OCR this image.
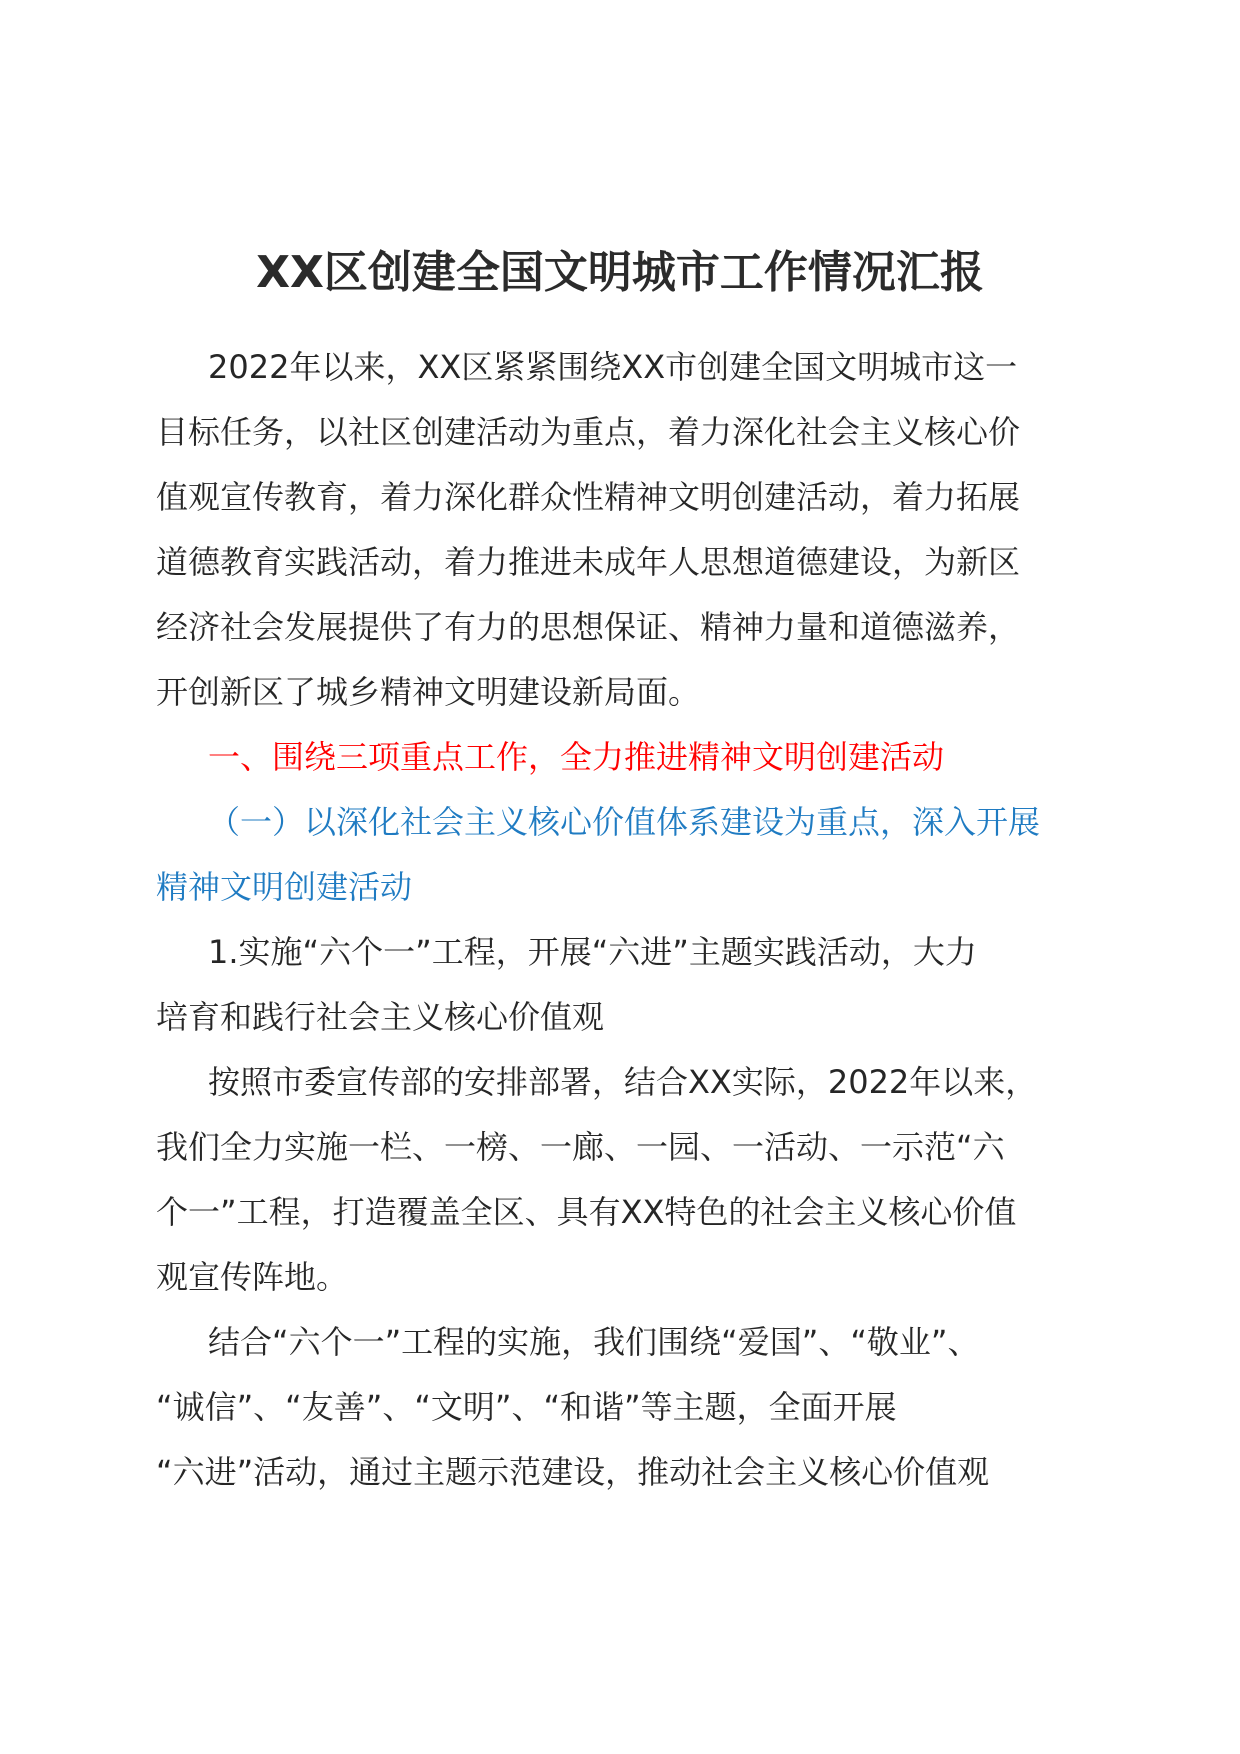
XX区创建全国文明城市工作情况汇报
2022年以来，XX区紧紧围绕XX市创建全国文明城市这一
目标任务，以社区创建活动为重点，着力深化社会主义核心价
值观宣传教育，着力深化群众性精神文明创建活动，着力拓展
道德教育实践活动，着力推进未成年人思想道德建设，为新区
经济社会发展提供了有力的思想保证、精神力量和道德滋养，
开创新区了城乡精神文明建设新局面。
一、围绕三项重点工作，全力推进精神文明创建活动
（一）以深化社会主义核心价值体系建设为重点，深入开展
精神文明创建活动
1.实施“六个一”工程，开展“六进”主题实践活动，大力
培育和践行社会主义核心价值观
按照市委宣传部的安排部署，结合XX实际，2022年以来，
我们全力实施一栏、一榜、一廊、一园、一活动、一示范“六
个一”工程，打造覆盖全区、具有XX特色的社会主义核心价值
观宣传阵地。
结合“六个一”工程的实施，我们围绕“爱国”、“敬业”、
“诚信”、“友善”、“文明”、“和谐”等主题，全面开展
“六进”活动，通过主题示范建设，推动社会主义核心价值观
